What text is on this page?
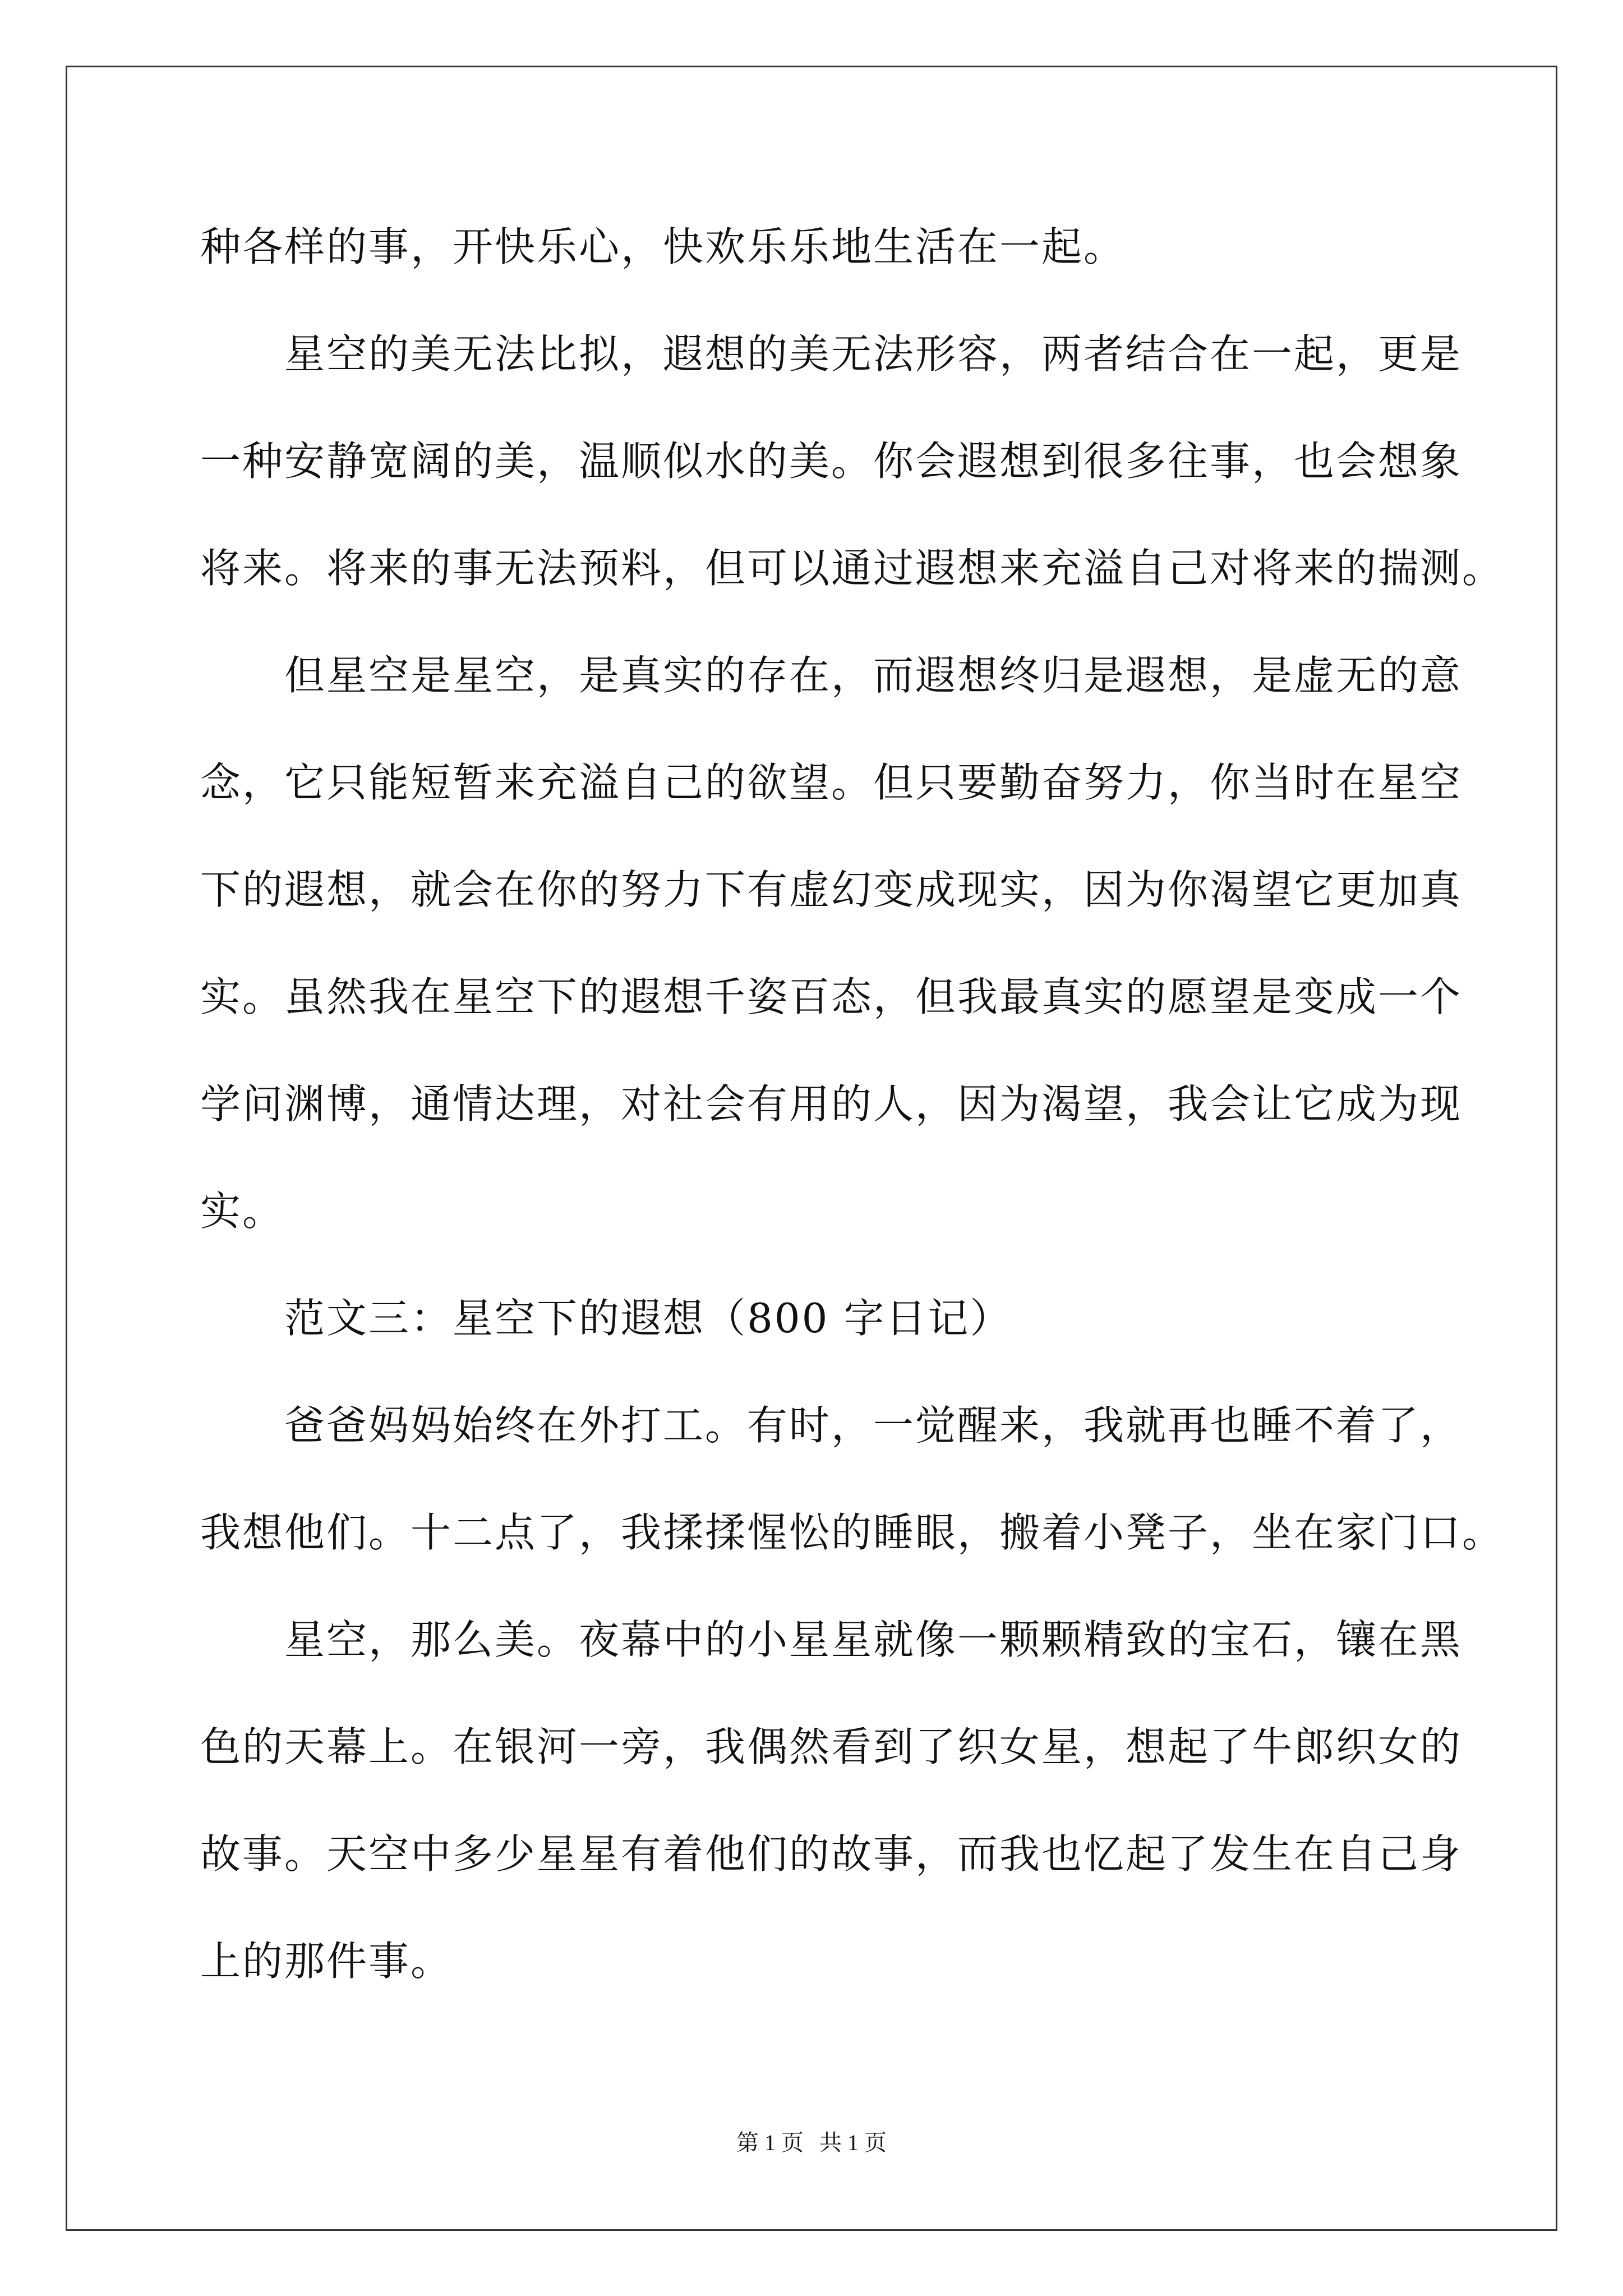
种各样的事，开快乐心，快欢乐乐地生活在一起。
星空的美无法比拟，遐想的美无法形容，两者结合在一起，更是
一种安静宽阔的美，温顺似水的美。你会遐想到很多往事，也会想象
将来。将来的事无法预料，但可以通过遐想来充溢自己对将来的揣测。
但星空是星空，是真实的存在，而遐想终归是遐想，是虚无的意
念，它只能短暂来充溢自己的欲望。但只要勤奋努力，你当时在星空
下的遐想，就会在你的努力下有虚幻变成现实，因为你渴望它更加真
实。虽然我在星空下的遐想千姿百态，但我最真实的愿望是变成一个
学问渊博，通情达理，对社会有用的人，因为渴望，我会让它成为现
实。
范文三：星空下的遐想（800 字日记）
爸爸妈妈始终在外打工。有时，一觉醒来，我就再也睡不着了，
我想他们。十二点了，我揉揉惺忪的睡眼，搬着小凳子，坐在家门口。
星空，那么美。夜幕中的小星星就像一颗颗精致的宝石，镶在黑
色的天幕上。在银河一旁，我偶然看到了织女星，想起了牛郎织女的
故事。天空中多少星星有着他们的故事，而我也忆起了发生在自己身
上的那件事。
第 1 页 共 1 页
